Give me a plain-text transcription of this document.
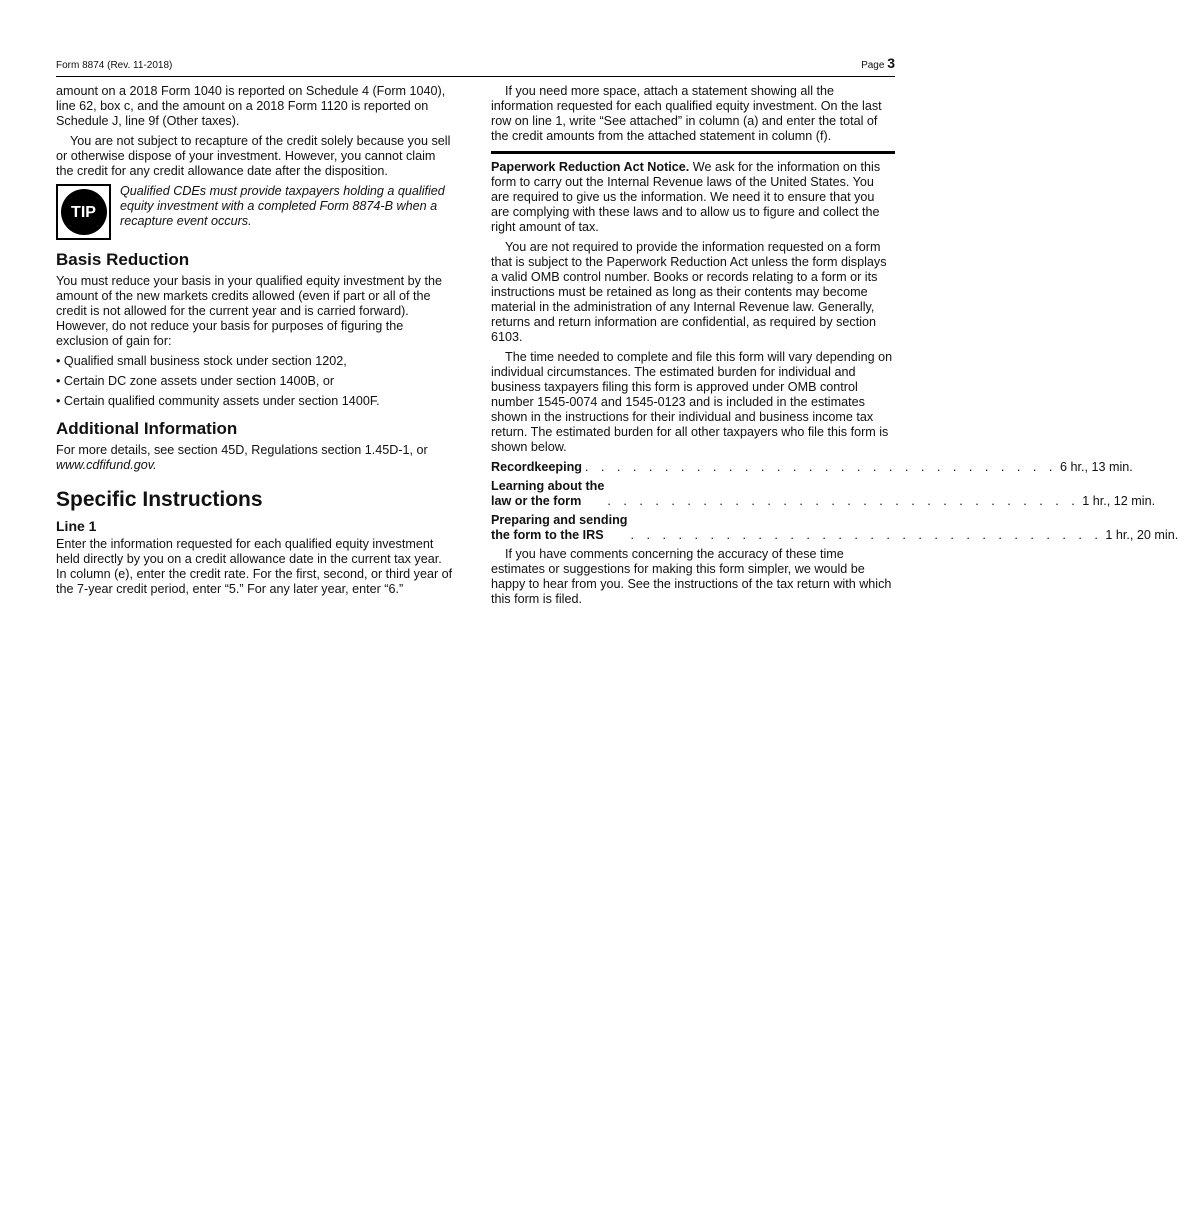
Form 8874 (Rev. 11-2018)	Page 3

amount on a 2018 Form 1040 is reported on Schedule 4 (Form 1040), line 62, box c, and the amount on a 2018 Form 1120 is reported on Schedule J, line 9f (Other taxes).

You are not subject to recapture of the credit solely because you sell or otherwise dispose of your investment. However, you cannot claim the credit for any credit allowance date after the disposition.

TIP
Qualified CDEs must provide taxpayers holding a qualified equity investment with a completed Form 8874-B when a recapture event occurs.
Basis Reduction

You must reduce your basis in your qualified equity investment by the amount of the new markets credits allowed (even if part or all of the credit is not allowed for the current year and is carried forward). However, do not reduce your basis for purposes of figuring the exclusion of gain for:

• Qualified small business stock under section 1202,

• Certain DC zone assets under section 1400B, or

• Certain qualified community assets under section 1400F.

Additional Information

For more details, see section 45D, Regulations section 1.45D-1, or www.cdfifund.gov.

Specific Instructions
Line 1

Enter the information requested for each qualified equity investment held directly by you on a credit allowance date in the current tax year. In column (e), enter the credit rate. For the first, second, or third year of the 7-year credit period, enter “5.” For any later year, enter “6.”

If you need more space, attach a statement showing all the information requested for each qualified equity investment. On the last row on line 1, write “See attached” in column (a) and enter the total of the credit amounts from the attached statement in column (f).

Paperwork Reduction Act Notice. We ask for the information on this form to carry out the Internal Revenue laws of the United States. You are required to give us the information. We need it to ensure that you are complying with these laws and to allow us to figure and collect the right amount of tax.

You are not required to provide the information requested on a form that is subject to the Paperwork Reduction Act unless the form displays a valid OMB control number. Books or records relating to a form or its instructions must be retained as long as their contents may become material in the administration of any Internal Revenue law. Generally, returns and return information are confidential, as required by section 6103.

The time needed to complete and file this form will vary depending on individual circumstances. The estimated burden for individual and business taxpayers filing this form is approved under OMB control number 1545-0074 and 1545-0123 and is included in the estimates shown in the instructions for their individual and business income tax return. The estimated burden for all other taxpayers who file this form is shown below.

Recordkeeping . . . . . . . . . . . . . . . . . . . . . . . . . . . . . . 6 hr., 13 min.
Learning about the
law or the form	. . . . . . . . . . . . . . . . . . . . . . . . . . . . . . 1 hr., 12 min.
Preparing and sending
the form to the IRS	. . . . . . . . . . . . . . . . . . . . . . . . . . . . . . 1 hr., 20 min.

If you have comments concerning the accuracy of these time estimates or suggestions for making this form simpler, we would be happy to hear from you. See the instructions of the tax return with which this form is filed.
